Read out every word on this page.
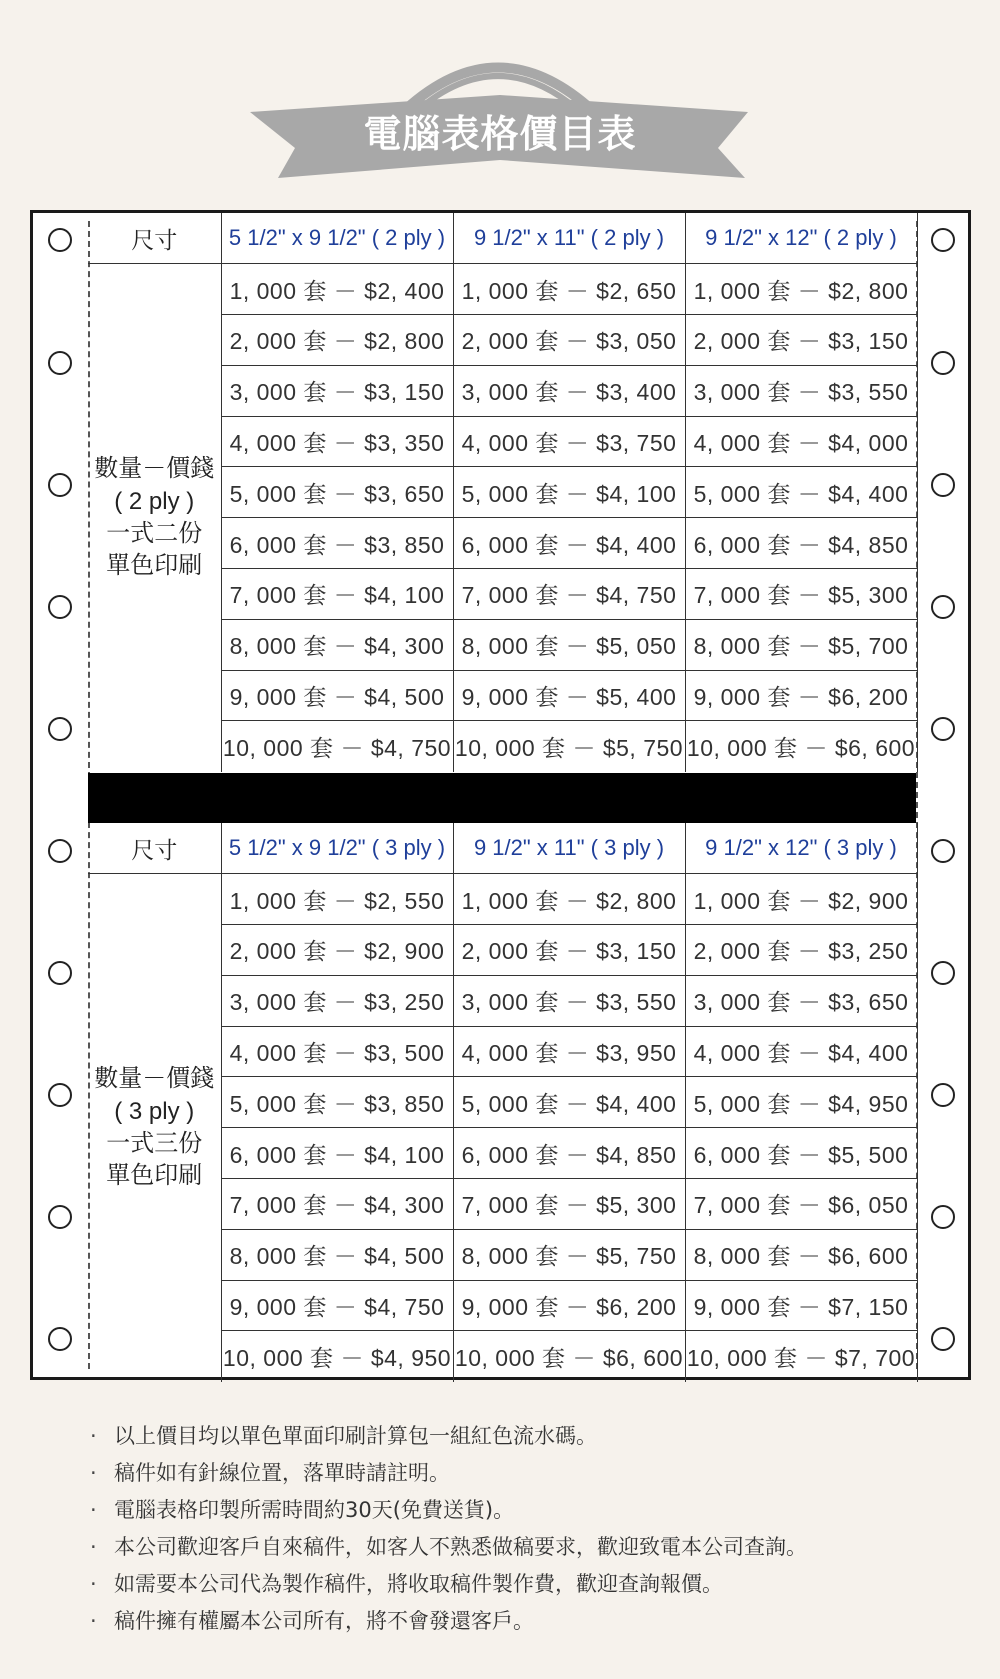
電腦表格價目表
尺寸	5 1/2" x 9 1/2" ( 2 ply )	9 1/2" x 11" ( 2 ply )	9 1/2" x 12" ( 2 ply )

數量－價錢
( 2 ply )
一式二份
單色印刷	1, 000 套 － $2, 400	1, 000 套 － $2, 650	1, 000 套 － $2, 800
	2, 000 套 － $2, 800	2, 000 套 － $3, 050	2, 000 套 － $3, 150
	3, 000 套 － $3, 150	3, 000 套 － $3, 400	3, 000 套 － $3, 550
	4, 000 套 － $3, 350	4, 000 套 － $3, 750	4, 000 套 － $4, 000
	5, 000 套 － $3, 650	5, 000 套 － $4, 100	5, 000 套 － $4, 400
	6, 000 套 － $3, 850	6, 000 套 － $4, 400	6, 000 套 － $4, 850
	7, 000 套 － $4, 100	7, 000 套 － $4, 750	7, 000 套 － $5, 300
	8, 000 套 － $4, 300	8, 000 套 － $5, 050	8, 000 套 － $5, 700
	9, 000 套 － $4, 500	9, 000 套 － $5, 400	9, 000 套 － $6, 200
	10, 000 套 － $4, 750	10, 000 套 － $5, 750	10, 000 套 － $6, 600
尺寸	5 1/2" x 9 1/2" ( 3 ply )	9 1/2" x 11" ( 3 ply )	9 1/2" x 12" ( 3 ply )

數量－價錢
( 3 ply )
一式三份
單色印刷	1, 000 套 － $2, 550	1, 000 套 － $2, 800	1, 000 套 － $2, 900
	2, 000 套 － $2, 900	2, 000 套 － $3, 150	2, 000 套 － $3, 250
	3, 000 套 － $3, 250	3, 000 套 － $3, 550	3, 000 套 － $3, 650
	4, 000 套 － $3, 500	4, 000 套 － $3, 950	4, 000 套 － $4, 400
	5, 000 套 － $3, 850	5, 000 套 － $4, 400	5, 000 套 － $4, 950
	6, 000 套 － $4, 100	6, 000 套 － $4, 850	6, 000 套 － $5, 500
	7, 000 套 － $4, 300	7, 000 套 － $5, 300	7, 000 套 － $6, 050
	8, 000 套 － $4, 500	8, 000 套 － $5, 750	8, 000 套 － $6, 600
	9, 000 套 － $4, 750	9, 000 套 － $6, 200	9, 000 套 － $7, 150
	10, 000 套 － $4, 950	10, 000 套 － $6, 600	10, 000 套 － $7, 700
· 以上價目均以單色單面印刷計算包一組紅色流水碼。
· 稿件如有針線位置，落單時請註明。
· 電腦表格印製所需時間約30天(免費送貨)。
· 本公司歡迎客戶自來稿件，如客人不熟悉做稿要求，歡迎致電本公司查詢。
· 如需要本公司代為製作稿件，將收取稿件製作費，歡迎查詢報價。
· 稿件擁有權屬本公司所有，將不會發還客戶。
